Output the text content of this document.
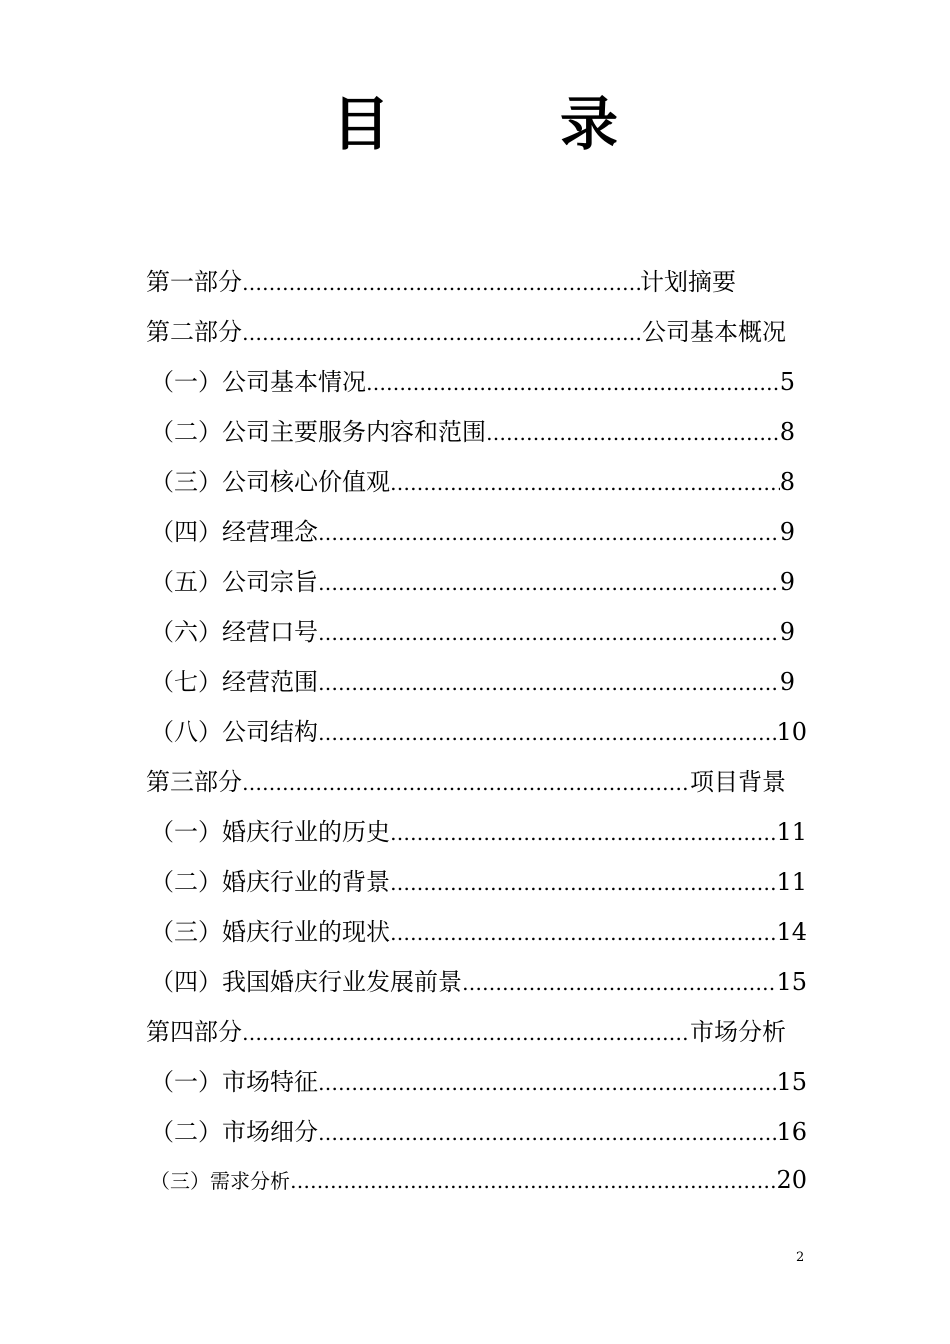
目　录
第一部分 ……………………………………………………………………………………………………………………………………	计划摘要
第二部分 ……………………………………………………………………………………………………………………………………	公司基本概况
（一）公司基本情况 ……………………………………………………………………………………………………………………………………	5
（二）公司主要服务内容和范围 ……………………………………………………………………………………………………………………………………	8
（三）公司核心价值观 ……………………………………………………………………………………………………………………………………	8
（四）经营理念 ……………………………………………………………………………………………………………………………………	9
（五）公司宗旨 ……………………………………………………………………………………………………………………………………	9
（六）经营口号 ……………………………………………………………………………………………………………………………………	9
（七）经营范围 ……………………………………………………………………………………………………………………………………	9
（八）公司结构 ……………………………………………………………………………………………………………………………………	10
第三部分 ……………………………………………………………………………………………………………………………………	项目背景
（一）婚庆行业的历史 ……………………………………………………………………………………………………………………………………	11
（二）婚庆行业的背景 ……………………………………………………………………………………………………………………………………	11
（三）婚庆行业的现状 ……………………………………………………………………………………………………………………………………	14
（四）我国婚庆行业发展前景 ……………………………………………………………………………………………………………………………………	15
第四部分 ……………………………………………………………………………………………………………………………………	市场分析
（一）市场特征 ……………………………………………………………………………………………………………………………………	15
（二）市场细分 ……………………………………………………………………………………………………………………………………	16
（三）需求分析 ……………………………………………………………………………………………………………………………………	20
2
